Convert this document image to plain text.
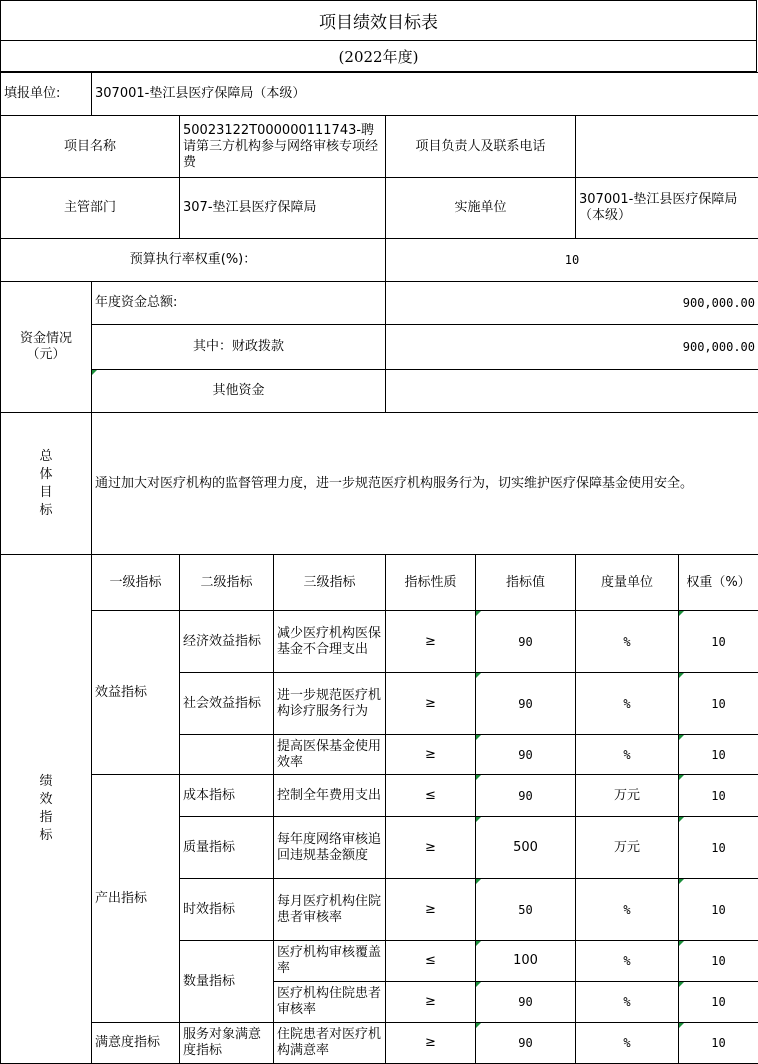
项目绩效目标表
(2022年度)
填报单位:	307001-垫江县医疗保障局（本级）						
项目名称		50023122T000000111743-聘请第三方机构参与网络审核专项经费		项目负责人及联系电话			
主管部门		307-垫江县医疗保障局		实施单位		307001-垫江县医疗保障局（本级）	
预算执行率权重(%)：				10			
资金情况
（元）	年度资金总额:			900,000.00			
	其中：财政拨款			900,000.00			
	其他资金						

总
体
目
标	通过加大对医疗机构的监督管理力度，进一步规范医疗机构服务行为，切实维护医疗保障基金使用安全。						

绩
效
指
标	一级指标	二级指标	三级指标	指标性质	指标值	度量单位	权重（%）
	效益指标	经济效益指标	减少医疗机构医保基金不合理支出	≥	90	%	10
		社会效益指标	进一步规范医疗机构诊疗服务行为	≥	90	%	10
			提高医保基金使用效率	≥	90	%	10
	产出指标	成本指标	控制全年费用支出	≤	90	万元	10
		质量指标	每年度网络审核追回违规基金额度	≥	500	万元	10
		时效指标	每月医疗机构住院患者审核率	≥	50	%	10
		数量指标	医疗机构审核覆盖率	≤	100	%	10
			医疗机构住院患者审核率	≥	90	%	10
	满意度指标	服务对象满意度指标	住院患者对医疗机构满意率	≥	90	%	10
